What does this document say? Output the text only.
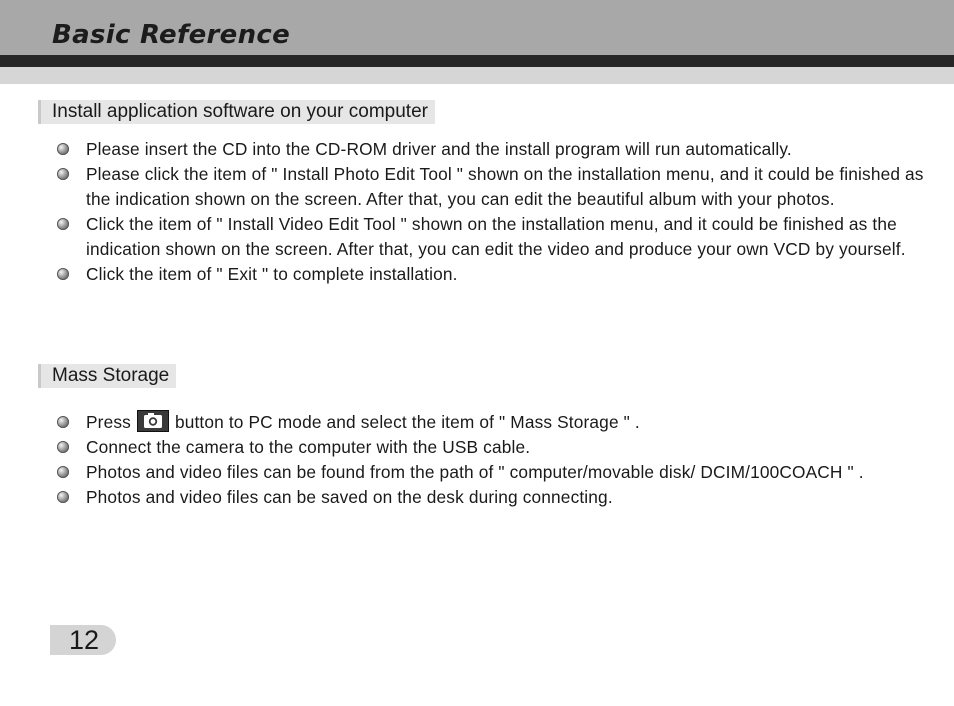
Basic Reference
Install application software on your computer
Please insert the CD into the CD-ROM driver and the install program will run automatically.
Please click the item of " Install Photo Edit Tool " shown on the installation menu, and it could be finished as the indication shown on the screen. After that, you can edit the beautiful album with your photos.
Click the item of " Install Video Edit Tool " shown on the installation menu, and it could be finished as the indication shown on the screen. After that, you can edit the video and produce your own VCD by yourself.
Click the item of " Exit " to complete installation.
Mass Storage
Press	button to PC mode and select the item of " Mass Storage " .
Connect the camera to the computer with the USB cable.
Photos and video files can be found from the path of " computer/movable disk/ DCIM/100COACH " .
Photos and video files can be saved on the desk during connecting.
12
